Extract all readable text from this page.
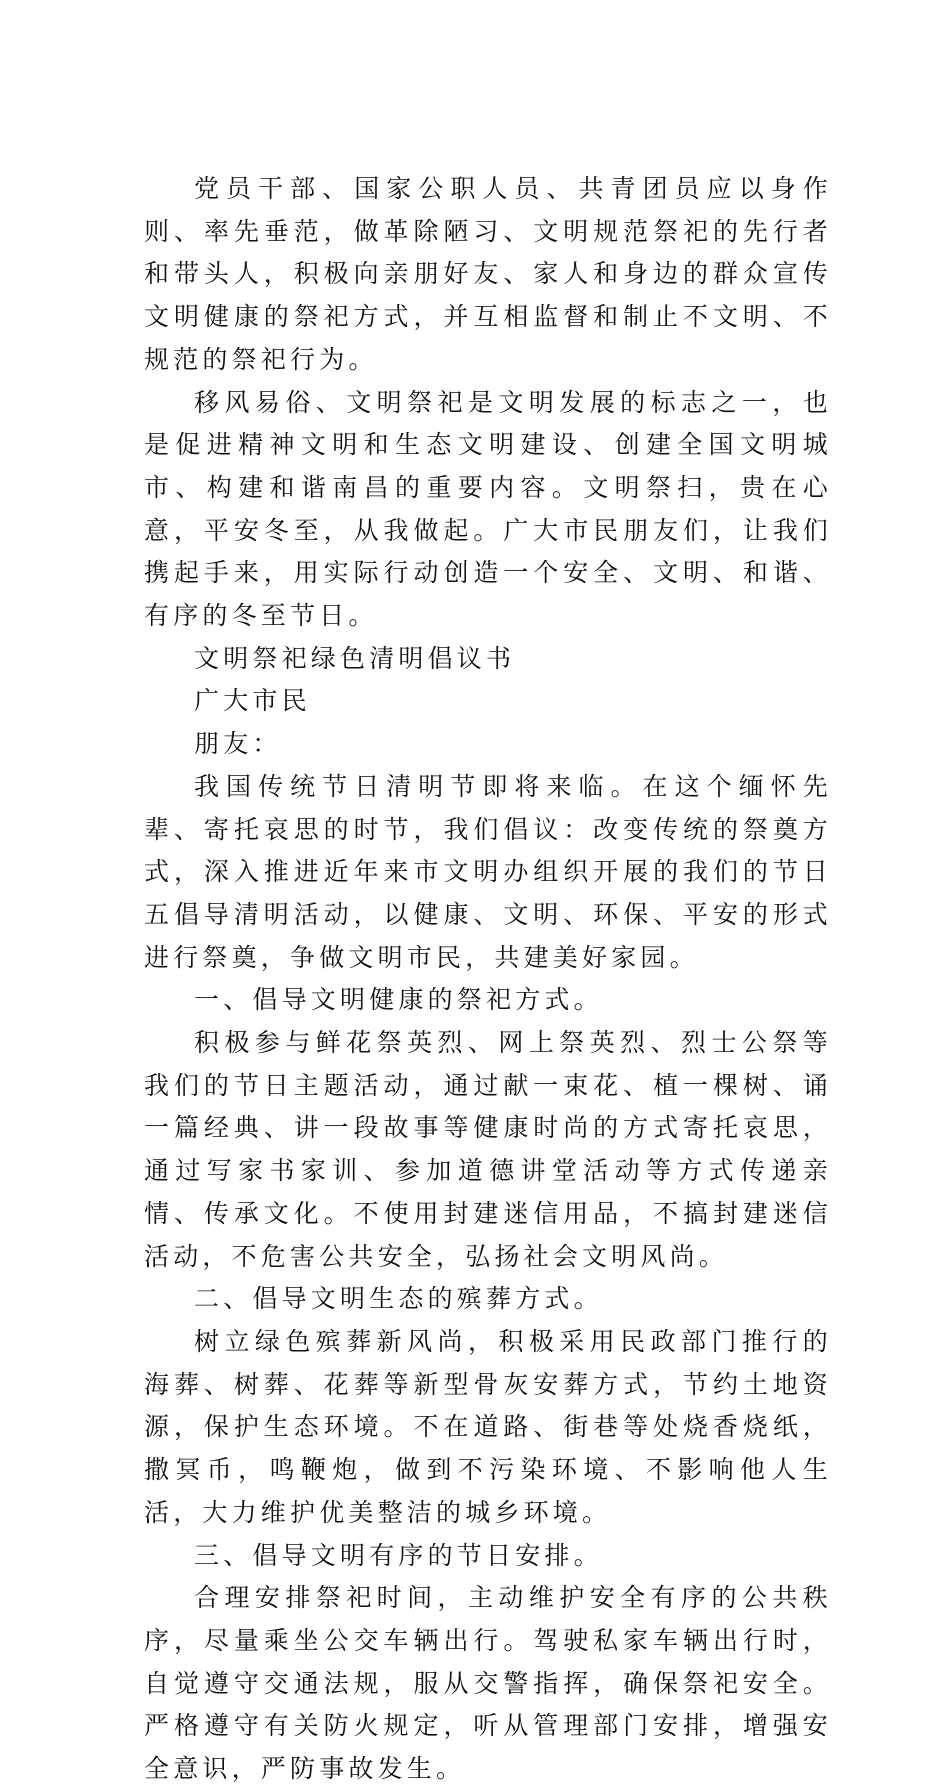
党员干部、国家公职人员、共青团员应以身作则、率先垂范，做革除陋习、文明规范祭祀的先行者和带头人，积极向亲朋好友、家人和身边的群众宣传文明健康的祭祀方式，并互相监督和制止不文明、不规范的祭祀行为。

移风易俗、文明祭祀是文明发展的标志之一，也是促进精神文明和生态文明建设、创建全国文明城市、构建和谐南昌的重要内容。文明祭扫，贵在心意，平安冬至，从我做起。广大市民朋友们，让我们携起手来，用实际行动创造一个安全、文明、和谐、有序的冬至节日。

文明祭祀绿色清明倡议书

广大市民

朋友：

我国传统节日清明节即将来临。在这个缅怀先辈、寄托哀思的时节，我们倡议：改变传统的祭奠方式，深入推进近年来市文明办组织开展的我们的节日五倡导清明活动，以健康、文明、环保、平安的形式进行祭奠，争做文明市民，共建美好家园。

一、倡导文明健康的祭祀方式。

积极参与鲜花祭英烈、网上祭英烈、烈士公祭等我们的节日主题活动，通过献一束花、植一棵树、诵一篇经典、讲一段故事等健康时尚的方式寄托哀思，通过写家书家训、参加道德讲堂活动等方式传递亲情、传承文化。不使用封建迷信用品，不搞封建迷信活动，不危害公共安全，弘扬社会文明风尚。

二、倡导文明生态的殡葬方式。

树立绿色殡葬新风尚，积极采用民政部门推行的海葬、树葬、花葬等新型骨灰安葬方式，节约土地资源，保护生态环境。不在道路、街巷等处烧香烧纸，撒冥币，鸣鞭炮，做到不污染环境、不影响他人生活，大力维护优美整洁的城乡环境。

三、倡导文明有序的节日安排。

合理安排祭祀时间，主动维护安全有序的公共秩序，尽量乘坐公交车辆出行。驾驶私家车辆出行时，自觉遵守交通法规，服从交警指挥，确保祭祀安全。严格遵守有关防火规定，听从管理部门安排，增强安全意识，严防事故发生。
